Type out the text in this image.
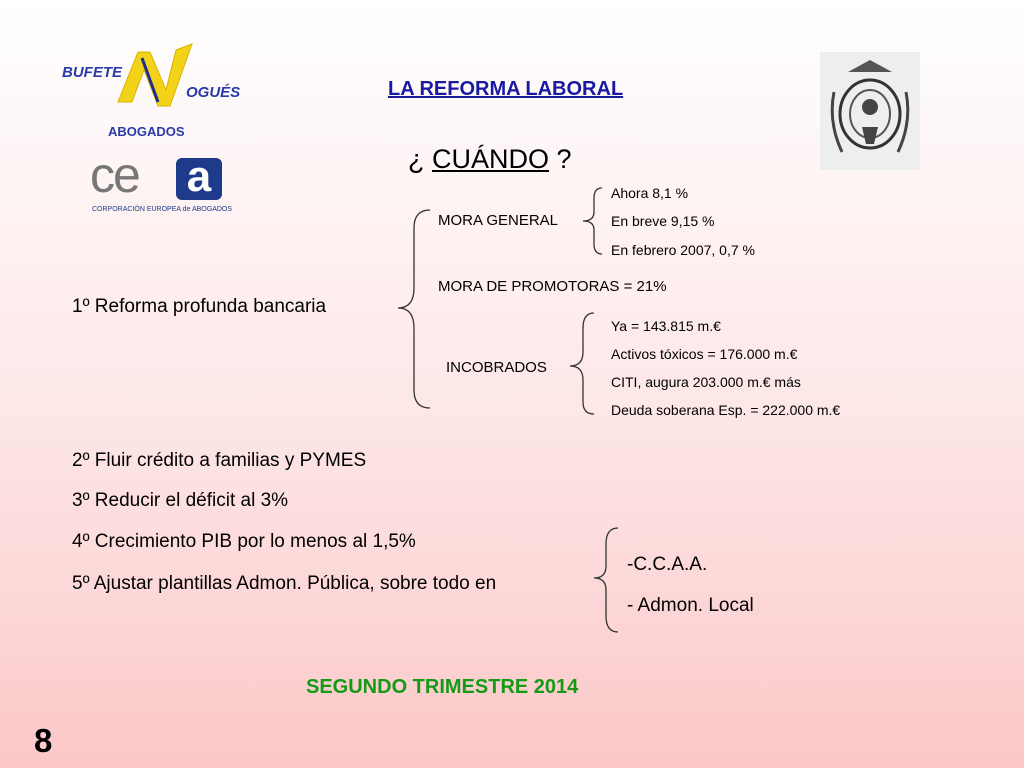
BUFETE
OGUÉS
ABOGADOS
ce a
CORPORACIÓN EUROPEA de ABOGADOS
LA REFORMA LABORAL
¿ CUÁNDO ?
1º Reforma profunda bancaria
MORA GENERAL
Ahora 8,1 %
En breve 9,15 %
En febrero 2007, 0,7 %
MORA DE PROMOTORAS = 21%
INCOBRADOS
Ya = 143.815 m.€
Activos tóxicos = 176.000 m.€
CITI, augura 203.000 m.€ más
Deuda soberana Esp. = 222.000 m.€
2º Fluir crédito a familias y PYMES
3º Reducir el déficit al 3%
4º Crecimiento PIB por lo menos al 1,5%
5º Ajustar plantillas Admon. Pública, sobre todo en
-C.C.A.A.
- Admon. Local
SEGUNDO TRIMESTRE 2014
8
